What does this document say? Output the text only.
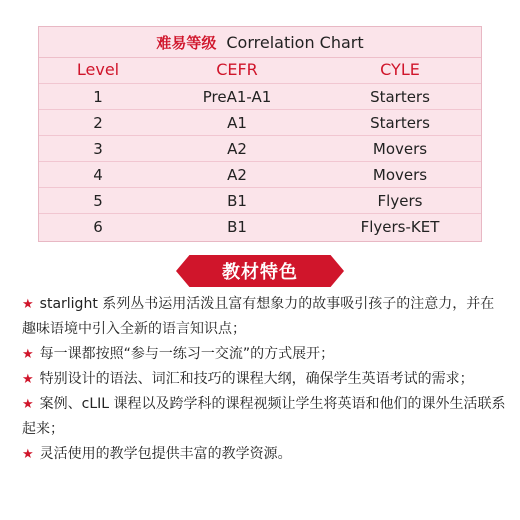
难易等级 Correlation Chart
Level	CEFR	CYLE
1	PreA1-A1	Starters
2	A1	Starters
3	A2	Movers
4	A2	Movers
5	B1	Flyers
6	B1	Flyers-KET
教材特色

★ starlight 系列丛书运用活泼且富有想象力的故事吸引孩子的注意力，并在趣味语境中引入全新的语言知识点；

★ 每一课都按照“参与一练习一交流”的方式展开；

★ 特别设计的语法、词汇和技巧的课程大纲，确保学生英语考试的需求；

★ 案例、cLIL 课程以及跨学科的课程视频让学生将英语和他们的课外生活联系起来；

★ 灵活使用的教学包提供丰富的教学资源。
